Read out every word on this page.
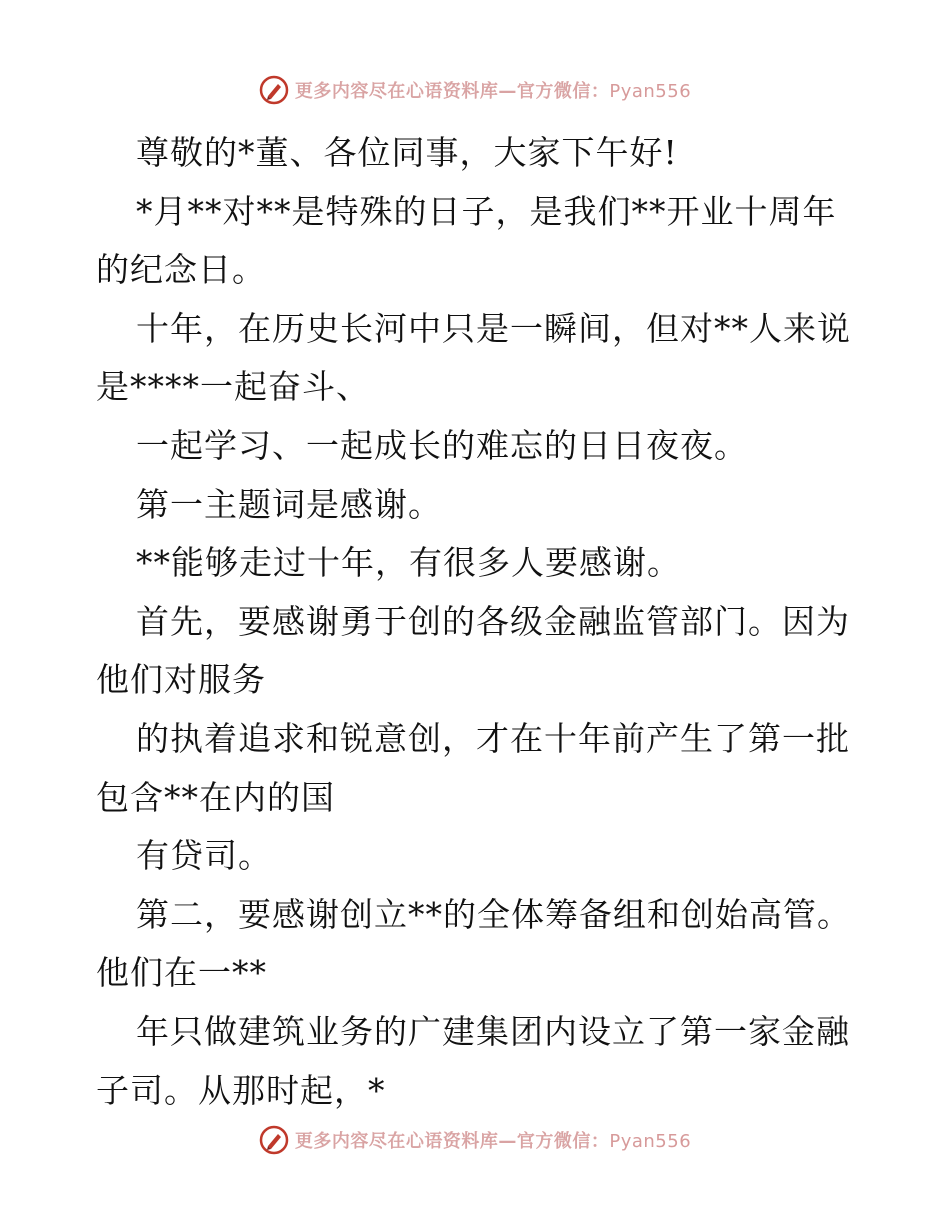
更多内容尽在心语资料库—官方微信：Pyan556
尊敬的*董、各位同事，大家下午好!
*月**对**是特殊的日子，是我们**开业十周年
的纪念日。
十年，在历史长河中只是一瞬间，但对**人来说
是****一起奋斗、
一起学习、一起成长的难忘的日日夜夜。
第一主题词是感谢。
**能够走过十年，有很多人要感谢。
首先，要感谢勇于创的各级金融监管部门。因为
他们对服务
的执着追求和锐意创，才在十年前产生了第一批
包含**在内的国
有贷司。
第二，要感谢创立**的全体筹备组和创始高管。
他们在一**
年只做建筑业务的广建集团内设立了第一家金融
子司。从那时起，*
更多内容尽在心语资料库—官方微信：Pyan556
